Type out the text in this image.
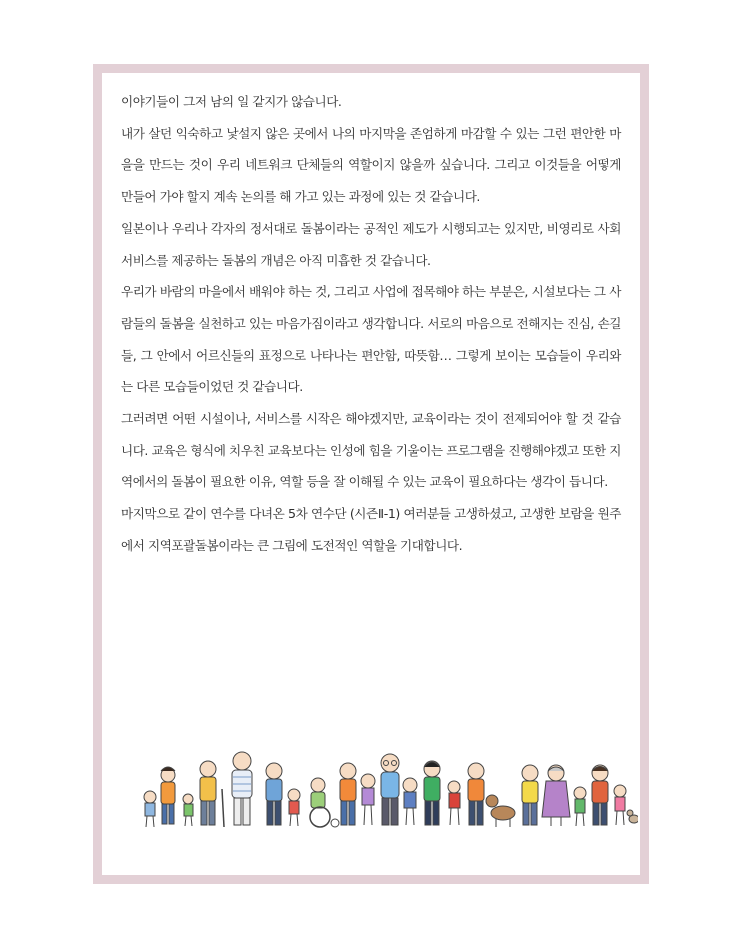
이야기들이 그저 남의 일 같지가 않습니다.

내가 살던 익숙하고 낯설지 않은 곳에서 나의 마지막을 존엄하게 마감할 수 있는 그런 편안한 마을을 만드는 것이 우리 네트워크 단체들의 역할이지 않을까 싶습니다. 그리고 이것들을 어떻게 만들어 가야 할지 계속 논의를 해 가고 있는 과정에 있는 것 같습니다.

일본이나 우리나 각자의 정서대로 돌봄이라는 공적인 제도가 시행되고는 있지만, 비영리로 사회서비스를 제공하는 돌봄의 개념은 아직 미흡한 것 같습니다.

우리가 바람의 마을에서 배워야 하는 것, 그리고 사업에 접목해야 하는 부분은, 시설보다는 그 사람들의 돌봄을 실천하고 있는 마음가짐이라고 생각합니다. 서로의 마음으로 전해지는 진심, 손길들, 그 안에서 어르신들의 표정으로 나타나는 편안함, 따뜻함… 그렇게 보이는 모습들이 우리와는 다른 모습들이었던 것 같습니다.

그러려면 어떤 시설이나, 서비스를 시작은 해야겠지만, 교육이라는 것이 전제되어야 할 것 같습니다. 교육은 형식에 치우친 교육보다는 인성에 힘을 기울이는 프로그램을 진행해야겠고 또한 지역에서의 돌봄이 필요한 이유, 역할 등을 잘 이해될 수 있는 교육이 필요하다는 생각이 듭니다.

마지막으로 같이 연수를 다녀온 5차 연수단 (시즌Ⅱ-1) 여러분들 고생하셨고, 고생한 보람을 원주에서 지역포괄돌봄이라는 큰 그림에 도전적인 역할을 기대합니다.
